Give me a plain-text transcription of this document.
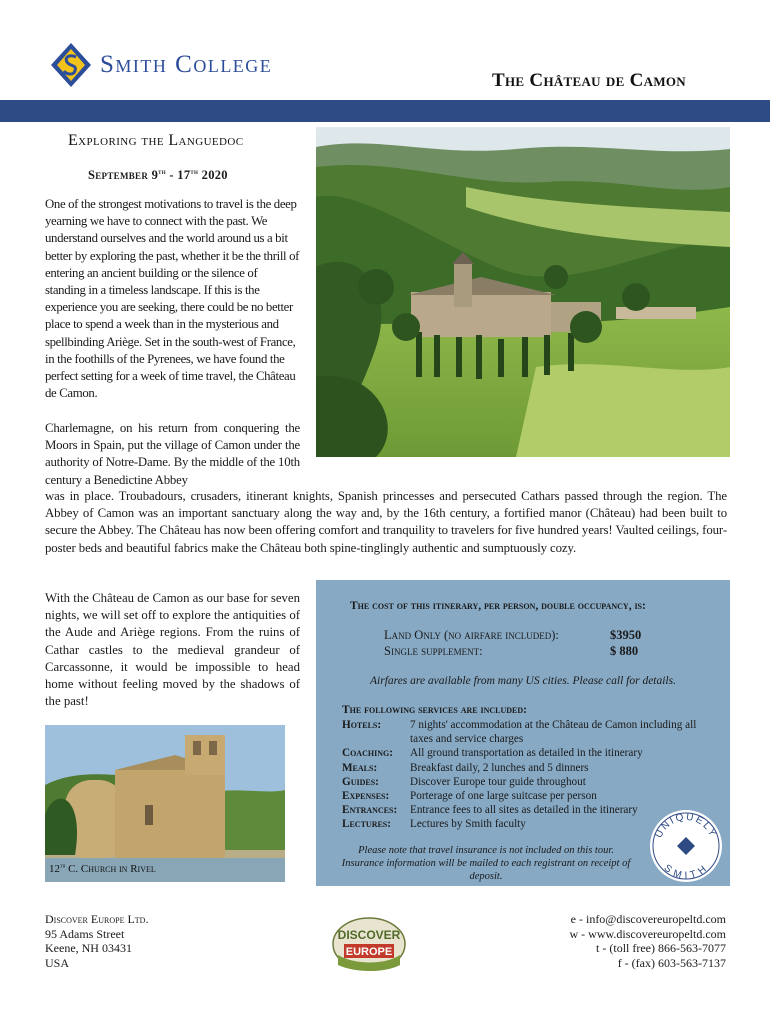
Smith College
The Château de Camon
Exploring the Languedoc
September 9th - 17th 2020

One of the strongest motivations to travel is the deep yearning we have to connect with the past. We understand ourselves and the world around us a bit better by exploring the past, whether it be the thrill of entering an ancient building or the silence of standing in a timeless landscape. If this is the experience you are seeking, there could be no better place to spend a week than in the mysterious and spellbinding Ariège. Set in the south-west of France, in the foothills of the Pyrenees, we have found the perfect setting for a week of time travel, the Château de Camon.

Charlemagne, on his return from conquering the Moors in Spain, put the village of Camon under the authority of Notre-Dame. By the middle of the 10th century a Benedictine Abbey

was in place. Troubadours, crusaders, itinerant knights, Spanish princesses and persecuted Cathars passed through the region. The Abbey of Camon was an important sanctuary along the way and, by the 16th century, a fortified manor (Château) had been built to secure the Abbey. The Château has now been offering comfort and tranquility to travelers for five hundred years! Vaulted ceilings, four-poster beds and beautiful fabrics make the Château both spine-tinglingly authentic and sumptuously cozy.

With the Château de Camon as our base for seven nights, we will set off to explore the antiquities of the Aude and Ariège regions. From the ruins of Cathar castles to the medieval grandeur of Carcassonne, it would be impossible to head home without feeling moved by the shadows of the past!

12th C. Church in Rivel
The cost of this itinerary, per person, double occupancy, is:
Land Only (no airfare included):	$3950
Single supplement:	$ 880
Airfares are available from many US cities. Please call for details.
The following services are included:
Hotels:	7 nights' accommodation at the Château de Camon including all taxes and service charges
Coaching:	All ground transportation as detailed in the itinerary
Meals:	Breakfast daily, 2 lunches and 5 dinners
Guides:	Discover Europe tour guide throughout
Expenses:	Porterage of one large suitcase per person
Entrances:	Entrance fees to all sites as detailed in the itinerary
Lectures:	Lectures by Smith faculty
Please note that travel insurance is not included on this tour. Insurance information will be mailed to each registrant on receipt of deposit.
UNIQUELY
SMITH
Discover Europe Ltd.
95 Adams Street
Keene, NH 03431
USA
DISCOVER
EUROPE
e - info@discovereuropeltd.com
w - www.discovereuropeltd.com
t - (toll free) 866-563-7077
f - (fax) 603-563-7137
